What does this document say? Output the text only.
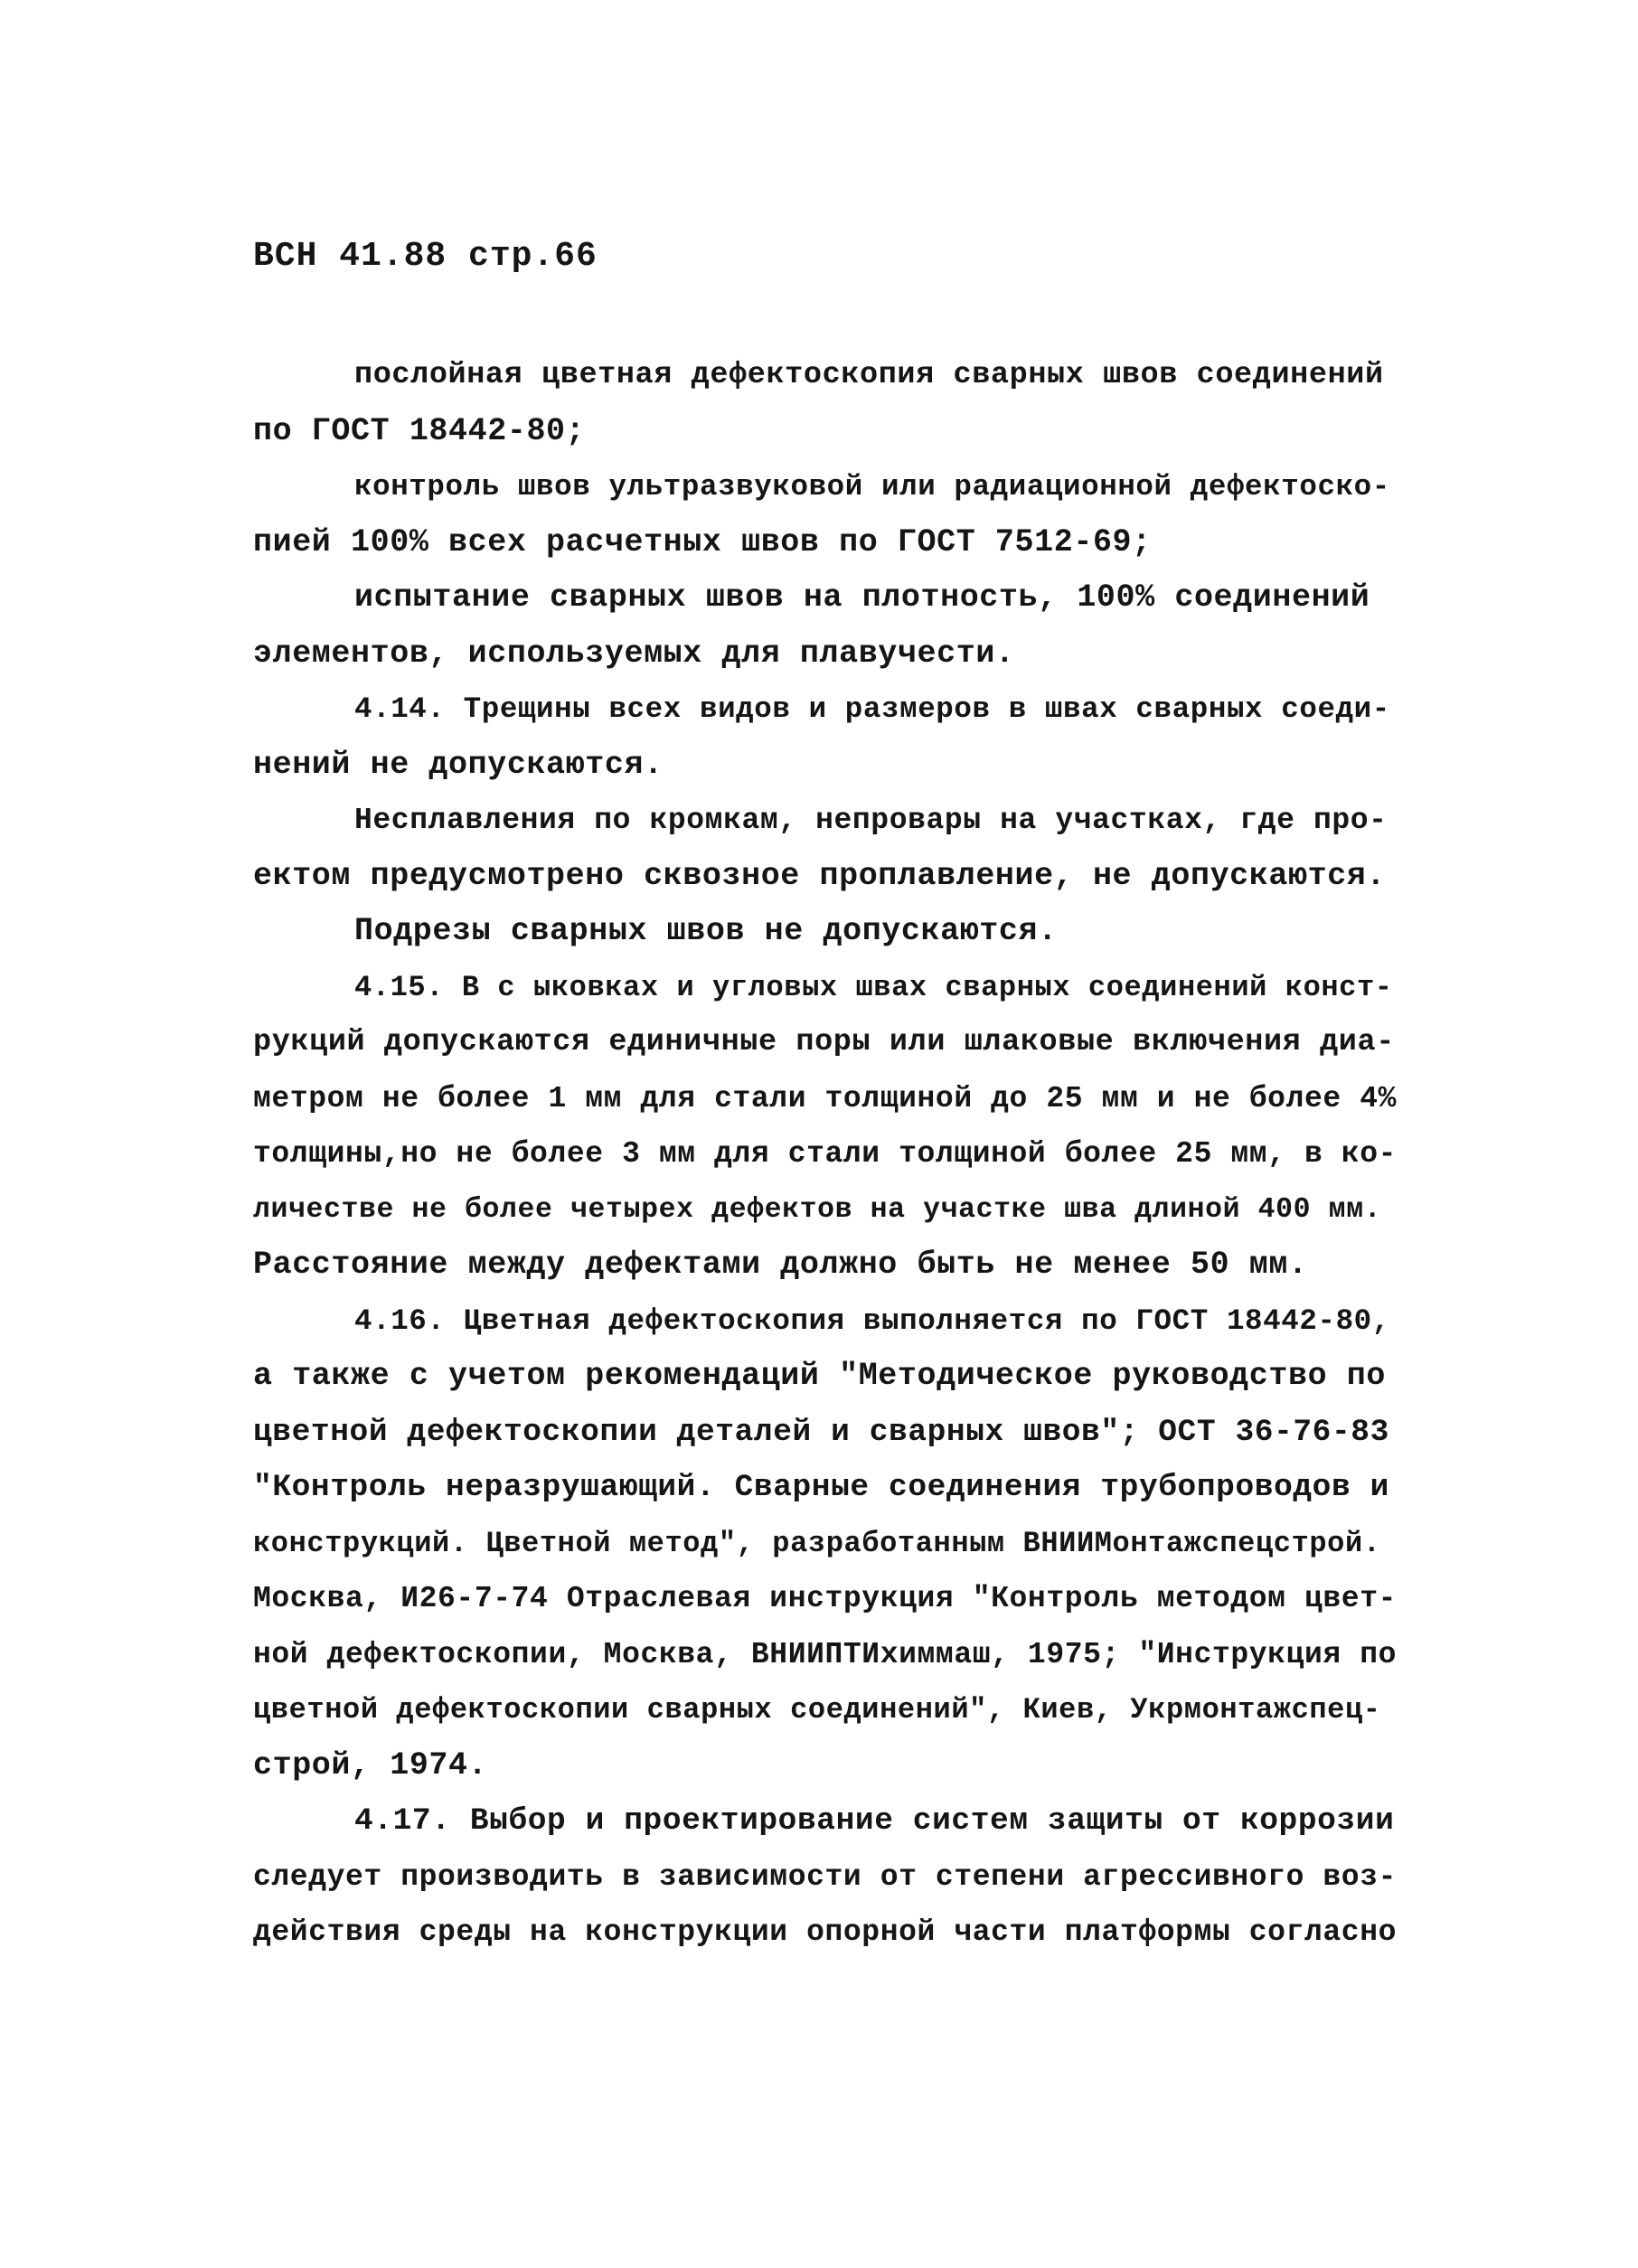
ВСН 41.88 стр.66
послойная цветная дефектоскопия сварных швов соединений
по ГОСТ 18442-80;
контроль швов ультразвуковой или радиационной дефектоско-
пией 100% всех расчетных швов по ГОСТ 7512-69;
испытание сварных швов на плотность, 100% соединений
элементов, используемых для плавучести.
4.14. Трещины всех видов и размеров в швах сварных соеди-
нений не допускаются.
Несплавления по кромкам, непровары на участках, где про-
ектом предусмотрено сквозное проплавление, не допускаются.
Подрезы сварных швов не допускаются.
4.15. В с ыковках и угловых швах сварных соединений конст-
рукций допускаются единичные поры или шлаковые включения диа-
метром не более 1 мм для стали толщиной до 25 мм и не более 4%
толщины,но не более 3 мм для стали толщиной более 25 мм, в ко-
личестве не более четырех дефектов на участке шва длиной 400 мм.
Расстояние между дефектами должно быть не менее 50 мм.
4.16. Цветная дефектоскопия выполняется по ГОСТ 18442-80,
а также с учетом рекомендаций "Методическое руководство по
цветной дефектоскопии деталей и сварных швов"; ОСТ 36-76-83
"Контроль неразрушающий. Сварные соединения трубопроводов и
конструкций. Цветной метод", разработанным ВНИИМонтажспецстрой.
Москва, И26-7-74 Отраслевая инструкция "Контроль методом цвет-
ной дефектоскопии, Москва, ВНИИПТИхиммаш, 1975; "Инструкция по
цветной дефектоскопии сварных соединений", Киев, Укрмонтажспец-
строй, 1974.
4.17. Выбор и проектирование систем защиты от коррозии
следует производить в зависимости от степени агрессивного воз-
действия среды на конструкции опорной части платформы согласно
